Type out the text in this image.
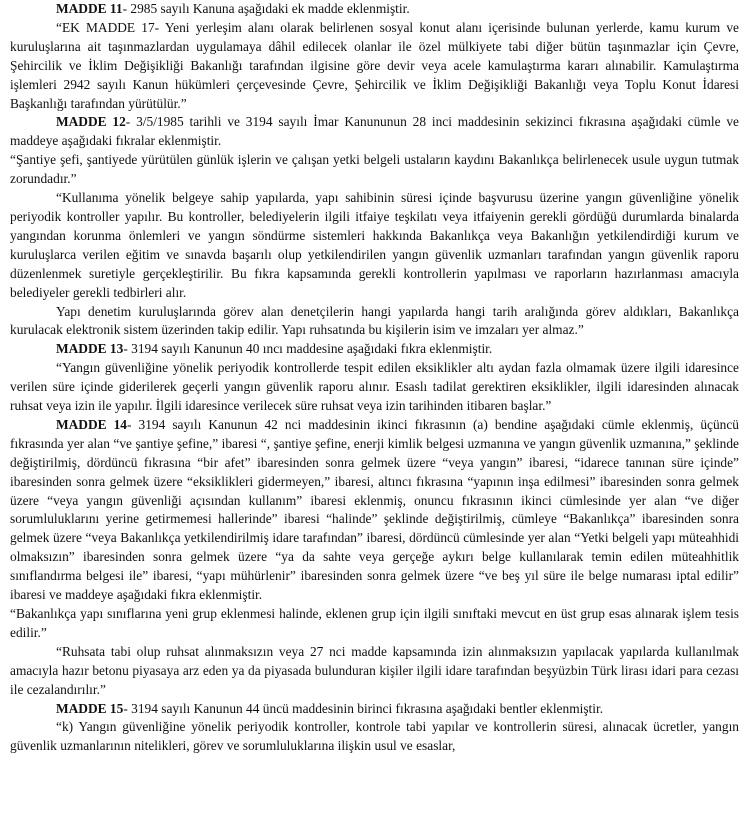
MADDE 11- 2985 sayılı Kanuna aşağıdaki ek madde eklenmiştir.

“EK MADDE 17- Yeni yerleşim alanı olarak belirlenen sosyal konut alanı içerisinde bulunan yerlerde, kamu kurum ve kuruluşlarına ait taşınmazlardan uygulamaya dâhil edilecek olanlar ile özel mülkiyete tabi diğer bütün taşınmazlar için Çevre, Şehircilik ve İklim Değişikliği Bakanlığı tarafından ilgisine göre devir veya acele kamulaştırma kararı alınabilir. Kamulaştırma işlemleri 2942 sayılı Kanun hükümleri çerçevesinde Çevre, Şehircilik ve İklim Değişikliği Bakanlığı veya Toplu Konut İdaresi Başkanlığı tarafından yürütülür.”

MADDE 12- 3/5/1985 tarihli ve 3194 sayılı İmar Kanununun 28 inci maddesinin sekizinci fıkrasına aşağıdaki cümle ve maddeye aşağıdaki fıkralar eklenmiştir.

“Şantiye şefi, şantiyede yürütülen günlük işlerin ve çalışan yetki belgeli ustaların kaydını Bakanlıkça belirlenecek usule uygun tutmak zorundadır.”

“Kullanıma yönelik belgeye sahip yapılarda, yapı sahibinin süresi içinde başvurusu üzerine yangın güvenliğine yönelik periyodik kontroller yapılır. Bu kontroller, belediyelerin ilgili itfaiye teşkilatı veya itfaiyenin gerekli gördüğü durumlarda binalarda yangından korunma önlemleri ve yangın söndürme sistemleri hakkında Bakanlıkça veya Bakanlığın yetkilendirdiği kurum ve kuruluşlarca verilen eğitim ve sınavda başarılı olup yetkilendirilen yangın güvenlik uzmanları tarafından yangın güvenlik raporu düzenlenmek suretiyle gerçekleştirilir. Bu fıkra kapsamında gerekli kontrollerin yapılması ve raporların hazırlanması amacıyla belediyeler gerekli tedbirleri alır.

Yapı denetim kuruluşlarında görev alan denetçilerin hangi yapılarda hangi tarih aralığında görev aldıkları, Bakanlıkça kurulacak elektronik sistem üzerinden takip edilir. Yapı ruhsatında bu kişilerin isim ve imzaları yer almaz.”

MADDE 13- 3194 sayılı Kanunun 40 ıncı maddesine aşağıdaki fıkra eklenmiştir.

“Yangın güvenliğine yönelik periyodik kontrollerde tespit edilen eksiklikler altı aydan fazla olmamak üzere ilgili idaresince verilen süre içinde giderilerek geçerli yangın güvenlik raporu alınır. Esaslı tadilat gerektiren eksiklikler, ilgili idaresinden alınacak ruhsat veya izin ile yapılır. İlgili idaresince verilecek süre ruhsat veya izin tarihinden itibaren başlar.”

MADDE 14- 3194 sayılı Kanunun 42 nci maddesinin ikinci fıkrasının (a) bendine aşağıdaki cümle eklenmiş, üçüncü fıkrasında yer alan “ve şantiye şefine,” ibaresi “, şantiye şefine, enerji kimlik belgesi uzmanına ve yangın güvenlik uzmanına,” şeklinde değiştirilmiş, dördüncü fıkrasına “bir afet” ibaresinden sonra gelmek üzere “veya yangın” ibaresi, “idarece tanınan süre içinde” ibaresinden sonra gelmek üzere “eksiklikleri gidermeyen,” ibaresi, altıncı fıkrasına “yapının inşa edilmesi” ibaresinden sonra gelmek üzere “veya yangın güvenliği açısından kullanım” ibaresi eklenmiş, onuncu fıkrasının ikinci cümlesinde yer alan “ve diğer sorumluluklarını yerine getirmemesi hallerinde” ibaresi “halinde” şeklinde değiştirilmiş, cümleye “Bakanlıkça” ibaresinden sonra gelmek üzere “veya Bakanlıkça yetkilendirilmiş idare tarafından” ibaresi, dördüncü cümlesinde yer alan “Yetki belgeli yapı müteahhidi olmaksızın” ibaresinden sonra gelmek üzere “ya da sahte veya gerçeğe aykırı belge kullanılarak temin edilen müteahhitlik sınıflandırma belgesi ile” ibaresi, “yapı mühürlenir” ibaresinden sonra gelmek üzere “ve beş yıl süre ile belge numarası iptal edilir” ibaresi ve maddeye aşağıdaki fıkra eklenmiştir.

“Bakanlıkça yapı sınıflarına yeni grup eklenmesi halinde, eklenen grup için ilgili sınıftaki mevcut en üst grup esas alınarak işlem tesis edilir.”

“Ruhsata tabi olup ruhsat alınmaksızın veya 27 nci madde kapsamında izin alınmaksızın yapılacak yapılarda kullanılmak amacıyla hazır betonu piyasaya arz eden ya da piyasada bulunduran kişiler ilgili idare tarafından beşyüzbin Türk lirası idari para cezası ile cezalandırılır.”

MADDE 15- 3194 sayılı Kanunun 44 üncü maddesinin birinci fıkrasına aşağıdaki bentler eklenmiştir.

“k) Yangın güvenliğine yönelik periyodik kontroller, kontrole tabi yapılar ve kontrollerin süresi, alınacak ücretler, yangın güvenlik uzmanlarının nitelikleri, görev ve sorumluluklarına ilişkin usul ve esaslar,
